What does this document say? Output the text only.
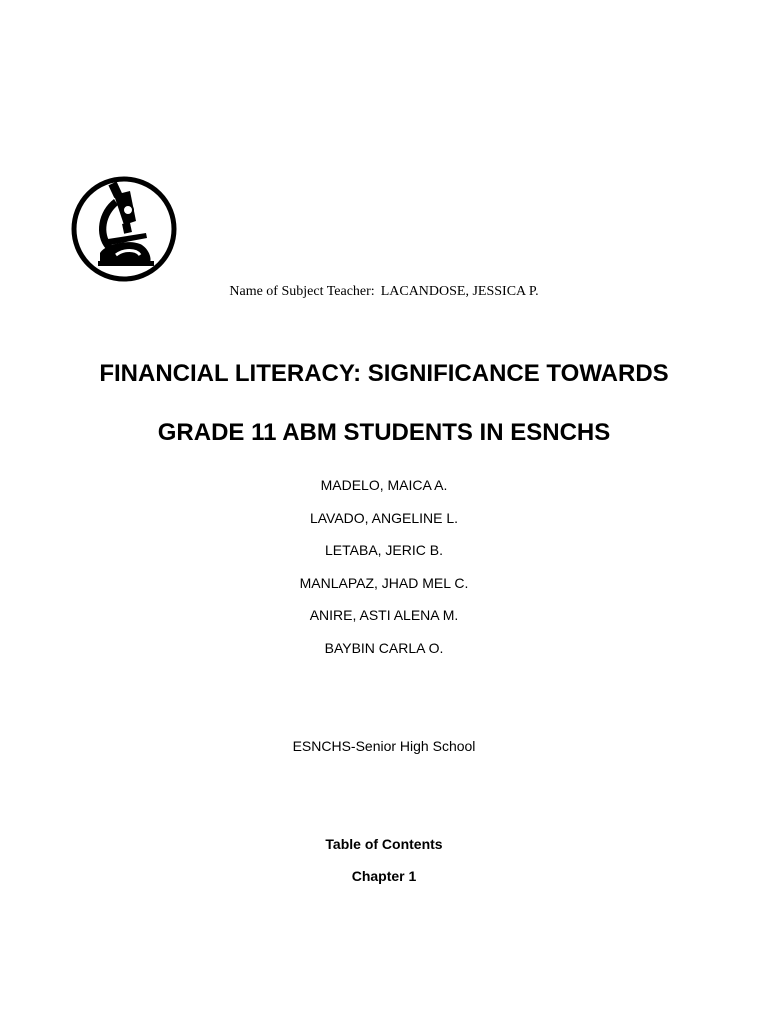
Name of Subject Teacher: LACANDOSE, JESSICA P.
FINANCIAL LITERACY: SIGNIFICANCE TOWARDS
GRADE 11 ABM STUDENTS IN ESNCHS
MADELO, MAICA A.
LAVADO, ANGELINE L.
LETABA, JERIC B.
MANLAPAZ, JHAD MEL C.
ANIRE, ASTI ALENA M.
BAYBIN CARLA O.
ESNCHS-Senior High School
Table of Contents
Chapter 1
